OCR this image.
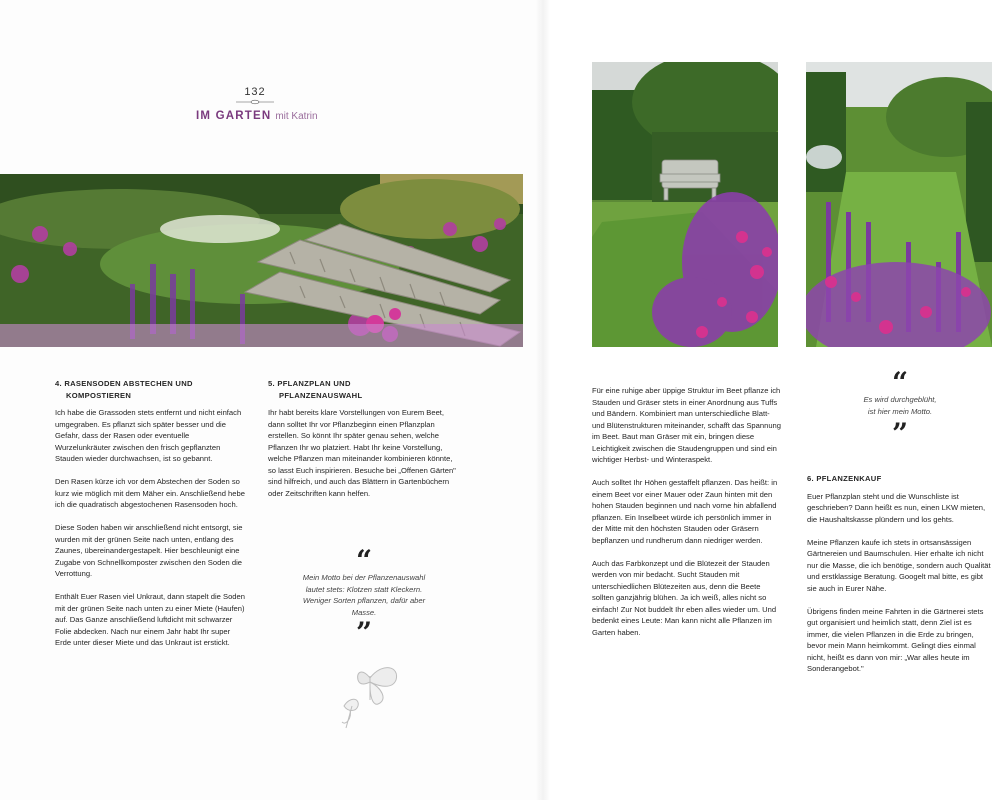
132
IM GARTEN mit Katrin
4. RASENSODEN ABSTECHEN UND
KOMPOSTIEREN

Ich habe die Grassoden stets entfernt und nicht einfach umgegraben. Es pflanzt sich später besser und die Gefahr, dass der Rasen oder eventuelle Wurzelunkräuter zwischen den frisch gepflanzten Stauden wieder durchwachsen, ist so gebannt.

Den Rasen kürze ich vor dem Abstechen der Soden so kurz wie möglich mit dem Mäher ein. Anschließend hebe ich die quadratisch abgestochenen Rasensoden hoch.

Diese Soden haben wir anschließend nicht entsorgt, sie wurden mit der grünen Seite nach unten, entlang des Zaunes, übereinandergestapelt. Hier beschleunigt eine Zugabe von Schnellkomposter zwischen den Soden die Verrottung.

Enthält Euer Rasen viel Unkraut, dann stapelt die Soden mit der grünen Seite nach unten zu einer Miete (Haufen) auf. Das Ganze anschließend luftdicht mit schwarzer Folie abdecken. Nach nur einem Jahr habt Ihr super Erde unter dieser Miete und das Unkraut ist erstickt.

5. PFLANZPLAN UND
PFLANZENAUSWAHL

Ihr habt bereits klare Vorstellungen von Eurem Beet, dann solltet Ihr vor Pflanzbeginn einen Pflanzplan erstellen. So könnt Ihr später genau sehen, welche Pflanzen Ihr wo platziert. Habt Ihr keine Vorstellung, welche Pflanzen man miteinander kombinieren könnte, so lasst Euch inspirieren. Besuche bei „Offenen Gärten" sind hilfreich, und auch das Blättern in Gartenbüchern oder Zeitschriften kann helfen.

“
Mein Motto bei der Pflanzenauswahl lautet stets: Klotzen statt Kleckern. Weniger Sorten pflanzen, dafür aber Masse.
”

Für eine ruhige aber üppige Struktur im Beet pflanze ich Stauden und Gräser stets in einer Anordnung aus Tuffs und Bändern. Kombiniert man unterschiedliche Blatt- und Blütenstrukturen miteinander, schafft das Spannung im Beet. Baut man Gräser mit ein, bringen diese Leichtigkeit zwischen die Staudengruppen und sind ein wichtiger Herbst- und Winteraspekt.

Auch solltet Ihr Höhen gestaffelt pflanzen. Das heißt: in einem Beet vor einer Mauer oder Zaun hinten mit den hohen Stauden beginnen und nach vorne hin abfallend pflanzen. Ein Inselbeet würde ich persönlich immer in der Mitte mit den höchsten Stauden oder Gräsern bepflanzen und rundherum dann niedriger werden.

Auch das Farbkonzept und die Blütezeit der Stauden werden von mir bedacht. Sucht Stauden mit unterschiedlichen Blütezeiten aus, denn die Beete sollten ganzjährig blühen. Ja ich weiß, alles nicht so einfach! Zur Not buddelt Ihr eben alles wieder um. Und bedenkt eines Leute: Man kann nicht alle Pflanzen im Garten haben.

“
Es wird durchgeblüht,
ist hier mein Motto.
”
6. PFLANZENKAUF

Euer Pflanzplan steht und die Wunschliste ist geschrieben? Dann heißt es nun, einen LKW mieten, die Haushaltskasse plündern und los gehts.

Meine Pflanzen kaufe ich stets in ortsansässigen Gärtnereien und Baumschulen. Hier erhalte ich nicht nur die Masse, die ich benötige, sondern auch Qualität und erstklassige Beratung. Googelt mal bitte, es gibt sie auch in Eurer Nähe.

Übrigens finden meine Fahrten in die Gärtnerei stets gut organisiert und heimlich statt, denn Ziel ist es immer, die vielen Pflanzen in die Erde zu bringen, bevor mein Mann heimkommt. Gelingt dies einmal nicht, heißt es dann von mir: „War alles heute im Sonderangebot."
